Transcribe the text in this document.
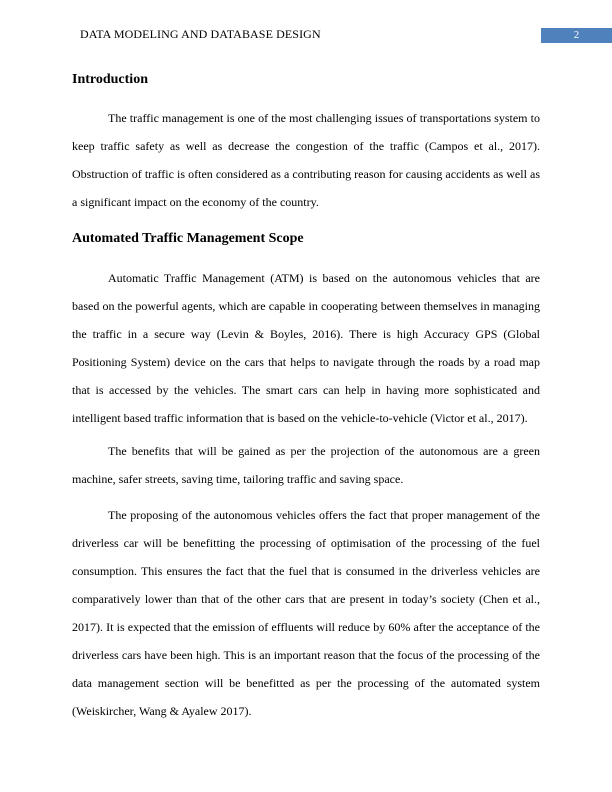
DATA MODELING AND DATABASE DESIGN	2
Introduction

The traffic management is one of the most challenging issues of transportations system to keep traffic safety as well as decrease the congestion of the traffic (Campos et al., 2017). Obstruction of traffic is often considered as a contributing reason for causing accidents as well as a significant impact on the economy of the country.

Automated Traffic Management Scope

Automatic Traffic Management (ATM) is based on the autonomous vehicles that are based on the powerful agents, which are capable in cooperating between themselves in managing the traffic in a secure way (Levin & Boyles, 2016). There is high Accuracy GPS (Global Positioning System) device on the cars that helps to navigate through the roads by a road map that is accessed by the vehicles. The smart cars can help in having more sophisticated and intelligent based traffic information that is based on the vehicle-to-vehicle (Victor et al., 2017).

The benefits that will be gained as per the projection of the autonomous are a green machine, safer streets, saving time, tailoring traffic and saving space.

The proposing of the autonomous vehicles offers the fact that proper management of the driverless car will be benefitting the processing of optimisation of the processing of the fuel consumption. This ensures the fact that the fuel that is consumed in the driverless vehicles are comparatively lower than that of the other cars that are present in today’s society (Chen et al., 2017). It is expected that the emission of effluents will reduce by 60% after the acceptance of the driverless cars have been high. This is an important reason that the focus of the processing of the data management section will be benefitted as per the processing of the automated system (Weiskircher, Wang & Ayalew 2017).
